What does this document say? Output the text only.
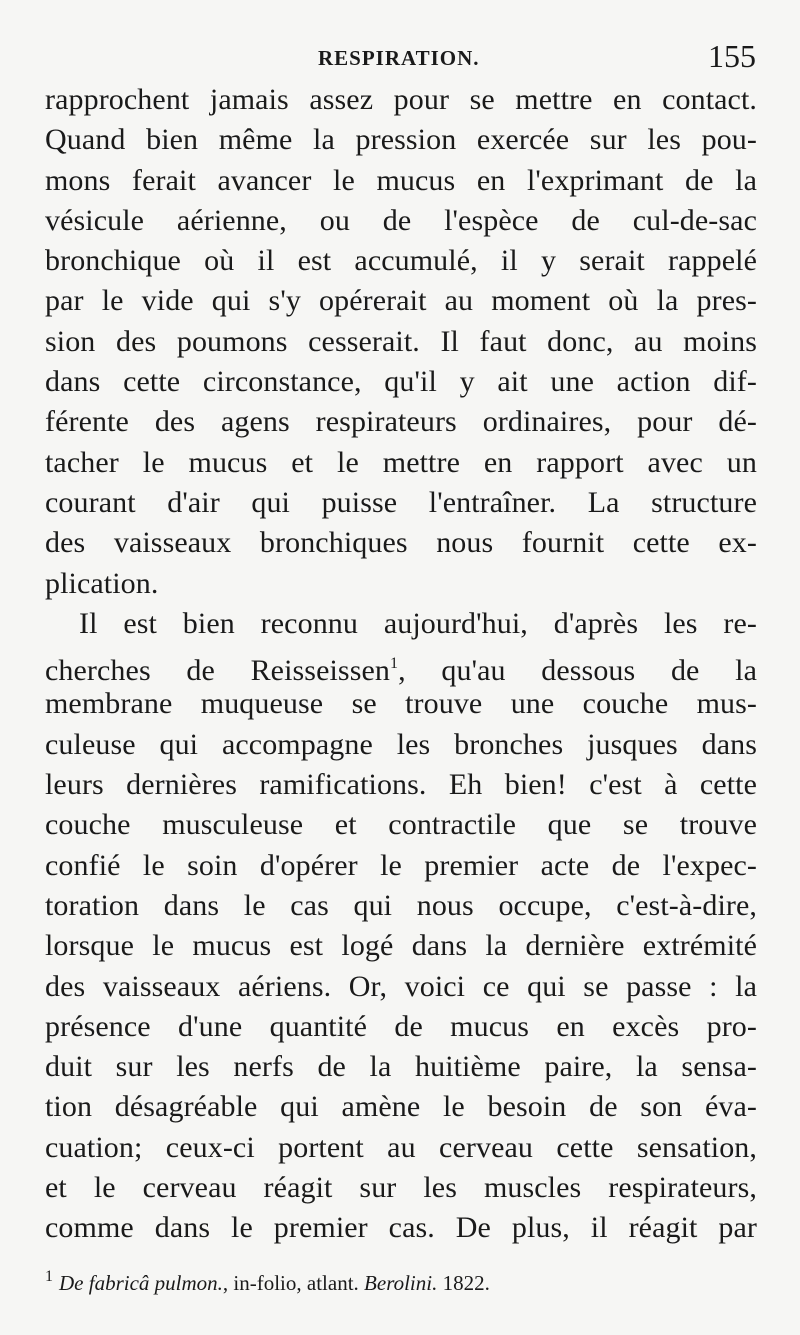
RESPIRATION.	155
rapprochent jamais assez pour se mettre en contact.
Quand bien même la pression exercée sur les pou-
mons ferait avancer le mucus en l'exprimant de la
vésicule aérienne, ou de l'espèce de cul-de-sac
bronchique où il est accumulé, il y serait rappelé
par le vide qui s'y opérerait au moment où la pres-
sion des poumons cesserait. Il faut donc, au moins
dans cette circonstance, qu'il y ait une action dif-
férente des agens respirateurs ordinaires, pour dé-
tacher le mucus et le mettre en rapport avec un
courant d'air qui puisse l'entraîner. La structure
des vaisseaux bronchiques nous fournit cette ex-
plication.
Il est bien reconnu aujourd'hui, d'après les re-
cherches de Reisseissen$^1$, qu'au dessous de la
membrane muqueuse se trouve une couche mus-
culeuse qui accompagne les bronches jusques dans
leurs dernières ramifications. Eh bien! c'est à cette
couche musculeuse et contractile que se trouve
confié le soin d'opérer le premier acte de l'expec-
toration dans le cas qui nous occupe, c'est-à-dire,
lorsque le mucus est logé dans la dernière extrémité
des vaisseaux aériens. Or, voici ce qui se passe : la
présence d'une quantité de mucus en excès pro-
duit sur les nerfs de la huitième paire, la sensa-
tion désagréable qui amène le besoin de son éva-
cuation; ceux-ci portent au cerveau cette sensation,
et le cerveau réagit sur les muscles respirateurs,
comme dans le premier cas. De plus, il réagit par
$^1$ De fabricâ pulmon., in-folio, atlant. Berolini. 1822.
